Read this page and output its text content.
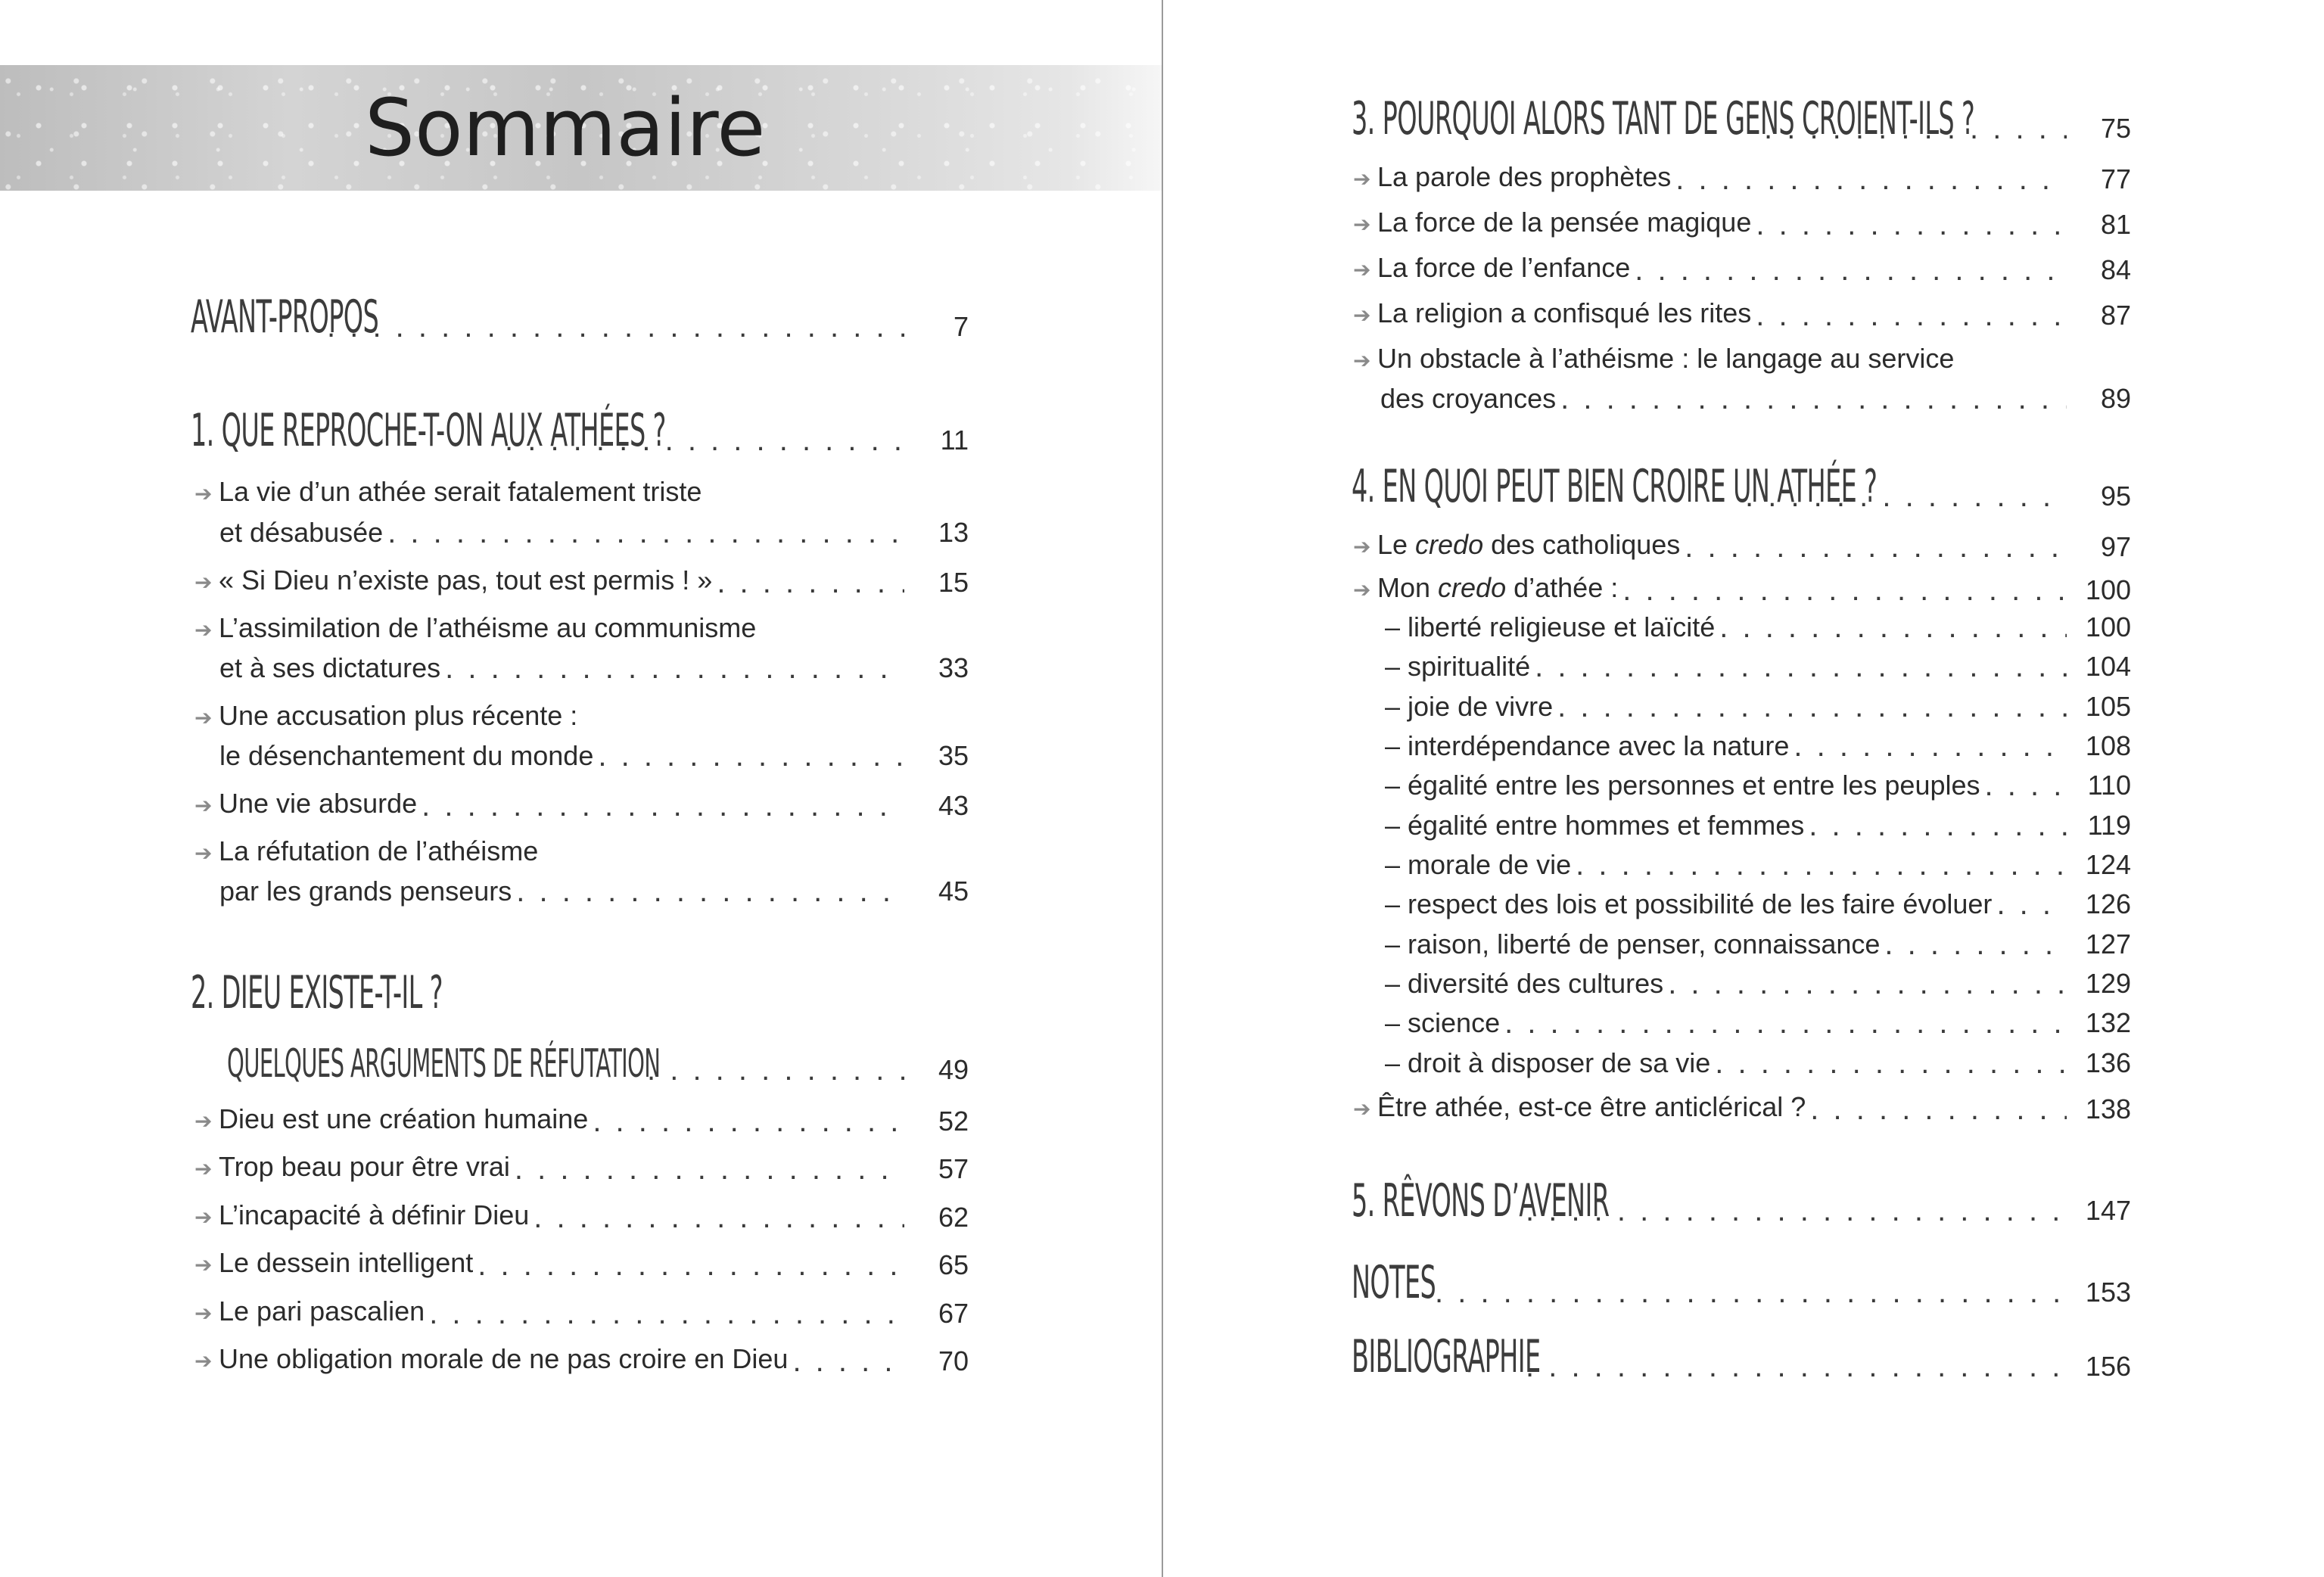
Sommaire
AVANT-PROPOS . . .	7
1. QUE REPROCHE-T-ON AUX ATHÉES ? . . .	11
➔ La vie d’un athée serait fatalement triste
et désabusée . . .	13
➔ « Si Dieu n’existe pas, tout est permis ! » . . .	15
➔ L’assimilation de l’athéisme au communisme
et à ses dictatures . . .	33
➔ Une accusation plus récente :
le désenchantement du monde . . .	35
➔ Une vie absurde . . .	43
➔ La réfutation de l’athéisme
par les grands penseurs . . .	45
2. DIEU EXISTE-T-IL ?
QUELQUES ARGUMENTS DE RÉFUTATION . . .	49
➔ Dieu est une création humaine . . .	52
➔ Trop beau pour être vrai . . .	57
➔ L’incapacité à définir Dieu . . .	62
➔ Le dessein intelligent . . .	65
➔ Le pari pascalien . . .	67
➔ Une obligation morale de ne pas croire en Dieu . . .	70
3. POURQUOI ALORS TANT DE GENS CROIENT-ILS ? . . .	75
➔ La parole des prophètes . . .	77
➔ La force de la pensée magique . . .	81
➔ La force de l’enfance . . .	84
➔ La religion a confisqué les rites . . .	87
➔ Un obstacle à l’athéisme : le langage au service
des croyances . . .	89
4. EN QUOI PEUT BIEN CROIRE UN ATHÉE ? . . .	95
➔ Le credo des catholiques . . .	97
➔ Mon credo d’athée : . . .	100
– liberté religieuse et laïcité . . .	100
– spiritualité . . .	104
– joie de vivre . . .	105
– interdépendance avec la nature . . .	108
– égalité entre les personnes et entre les peuples . . .	110
– égalité entre hommes et femmes . . .	119
– morale de vie . . .	124
– respect des lois et possibilité de les faire évoluer . . .	126
– raison, liberté de penser, connaissance . . .	127
– diversité des cultures . . .	129
– science . . .	132
– droit à disposer de sa vie . . .	136
➔ Être athée, est-ce être anticlérical ? . . .	138
5. RÊVONS D’AVENIR . . .	147
NOTES . . .	153
BIBLIOGRAPHIE . . .	156
